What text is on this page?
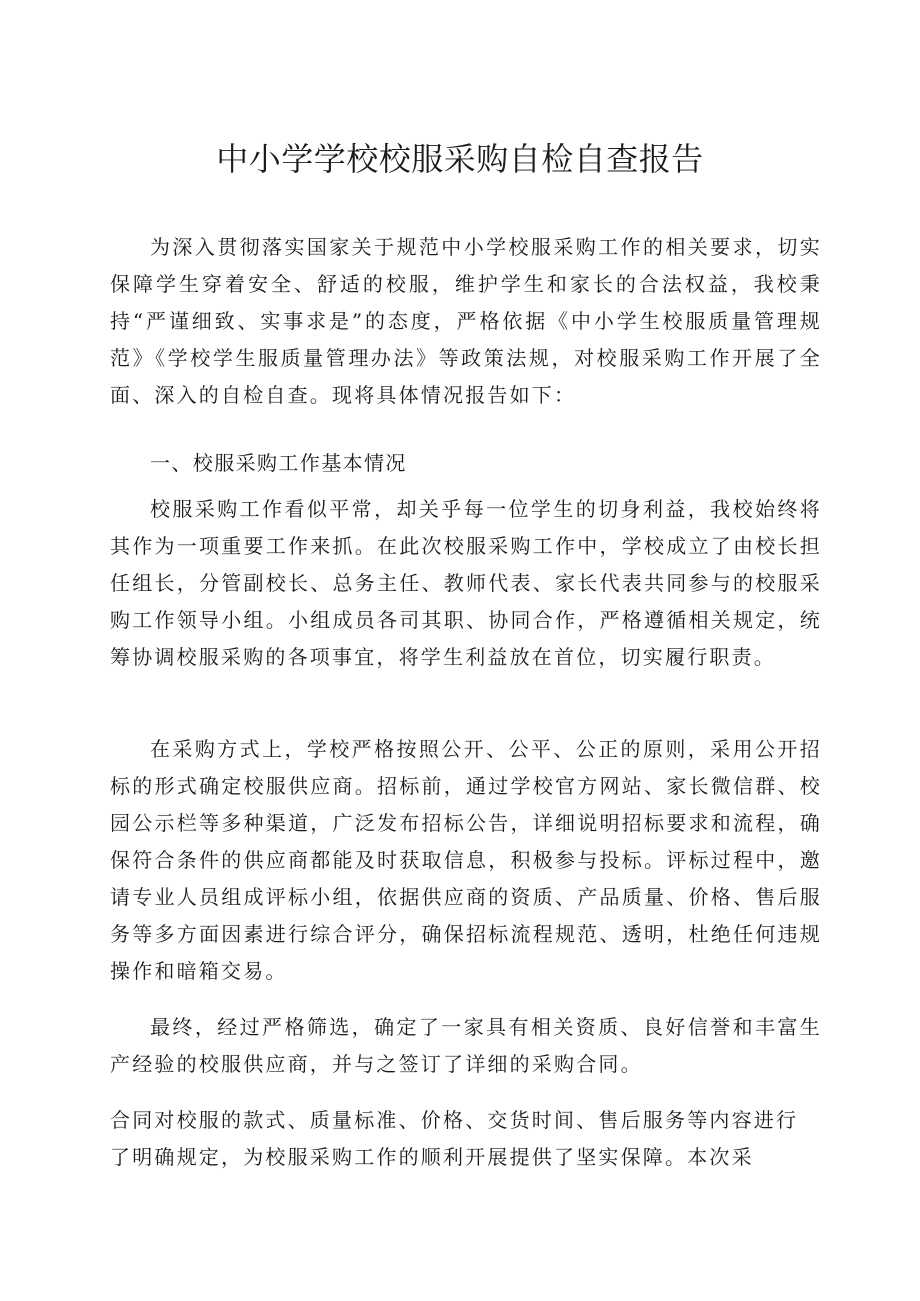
中小学学校校服采购自检自查报告

为深入贯彻落实国家关于规范中小学校服采购工作的相关要求，切实保障学生穿着安全、舒适的校服，维护学生和家长的合法权益，我校秉持“严谨细致、实事求是”的态度，严格依据《中小学生校服质量管理规范》《学校学生服质量管理办法》等政策法规，对校服采购工作开展了全面、深入的自检自查。现将具体情况报告如下：

一、校服采购工作基本情况

校服采购工作看似平常，却关乎每一位学生的切身利益，我校始终将其作为一项重要工作来抓。在此次校服采购工作中，学校成立了由校长担任组长，分管副校长、总务主任、教师代表、家长代表共同参与的校服采购工作领导小组。小组成员各司其职、协同合作，严格遵循相关规定，统筹协调校服采购的各项事宜，将学生利益放在首位，切实履行职责。

在采购方式上，学校严格按照公开、公平、公正的原则，采用公开招标的形式确定校服供应商。招标前，通过学校官方网站、家长微信群、校园公示栏等多种渠道，广泛发布招标公告，详细说明招标要求和流程，确保符合条件的供应商都能及时获取信息，积极参与投标。评标过程中，邀请专业人员组成评标小组，依据供应商的资质、产品质量、价格、售后服务等多方面因素进行综合评分，确保招标流程规范、透明，杜绝任何违规操作和暗箱交易。

最终，经过严格筛选，确定了一家具有相关资质、良好信誉和丰富生产经验的校服供应商，并与之签订了详细的采购合同。

合同对校服的款式、质量标准、价格、交货时间、售后服务等内容进行了明确规定，为校服采购工作的顺利开展提供了坚实保障。本次采
